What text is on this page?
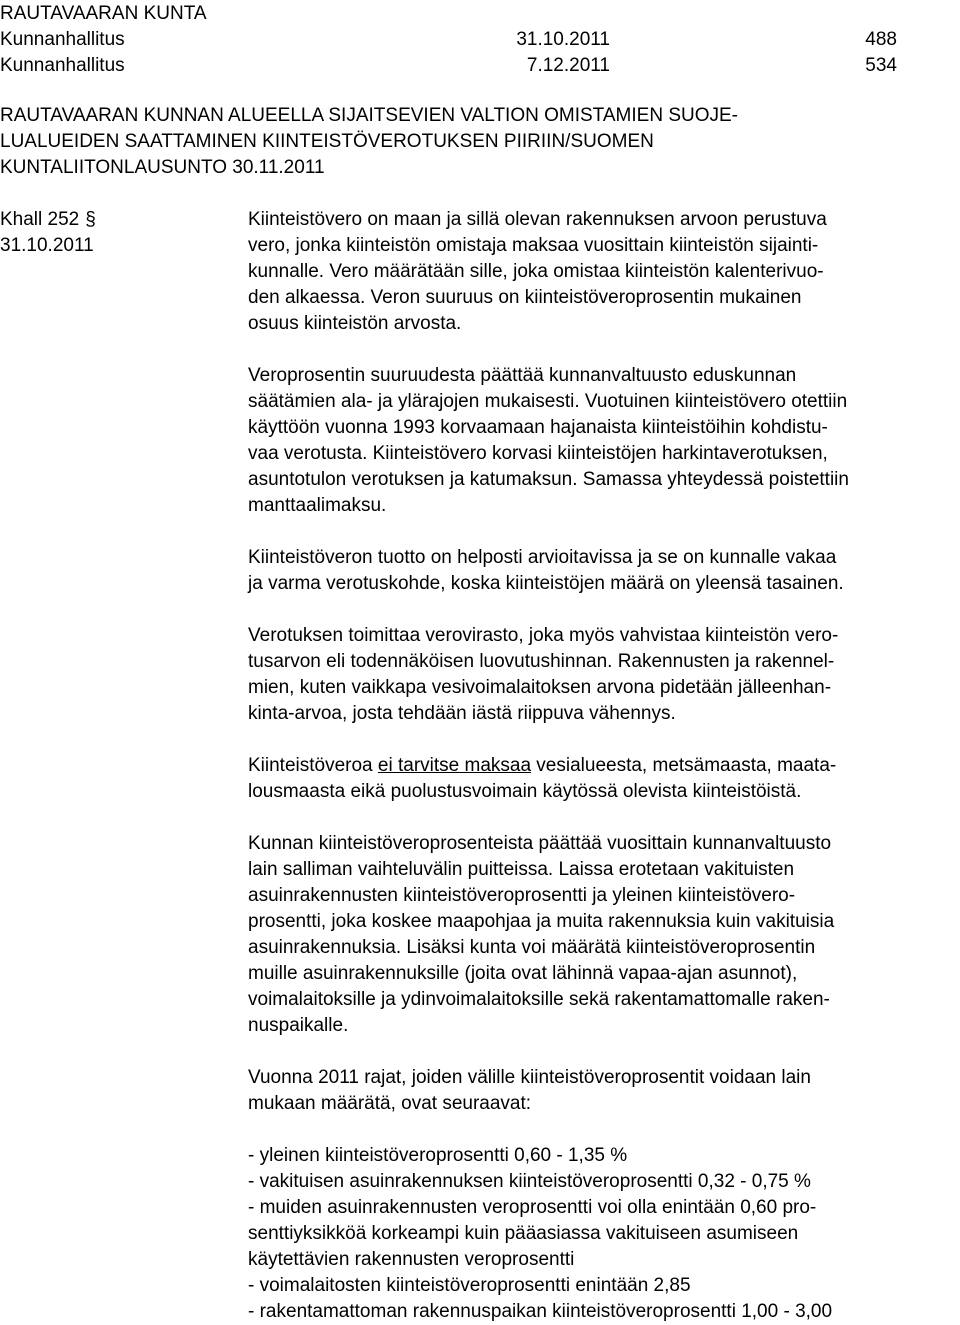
RAUTAVAARAN KUNTA
Kunnanhallitus	31.10.2011	488
Kunnanhallitus	7.12.2011	534
RAUTAVAARAN KUNNAN ALUEELLA SIJAITSEVIEN VALTION OMISTAMIEN SUOJE-
LUALUEIDEN SAATTAMINEN KIINTEISTÖVEROTUKSEN PIIRIIN/SUOMEN
KUNTALIITONLAUSUNTO 30.11.2011
Khall 252 §
31.10.2011

Kiinteistövero on maan ja sillä olevan rakennuksen arvoon perustuva
vero, jonka kiinteistön omistaja maksaa vuosittain kiinteistön sijainti-
kunnalle. Vero määrätään sille, joka omistaa kiinteistön kalenterivuo-
den alkaessa. Veron suuruus on kiinteistöveroprosentin mukainen
osuus kiinteistön arvosta.

Veroprosentin suuruudesta päättää kunnanvaltuusto eduskunnan
säätämien ala- ja ylärajojen mukaisesti. Vuotuinen kiinteistövero otettiin
käyttöön vuonna 1993 korvaamaan hajanaista kiinteistöihin kohdistu-
vaa verotusta. Kiinteistövero korvasi kiinteistöjen harkintaverotuksen,
asuntotulon verotuksen ja katumaksun. Samassa yhteydessä poistettiin
manttaalimaksu.

Kiinteistöveron tuotto on helposti arvioitavissa ja se on kunnalle vakaa
ja varma verotuskohde, koska kiinteistöjen määrä on yleensä tasainen.

Verotuksen toimittaa verovirasto, joka myös vahvistaa kiinteistön vero-
tusarvon eli todennäköisen luovutushinnan. Rakennusten ja rakennel-
mien, kuten vaikkapa vesivoimalaitoksen arvona pidetään jälleenhan-
kinta-arvoa, josta tehdään iästä riippuva vähennys.

Kiinteistöveroa ei tarvitse maksaa vesialueesta, metsämaasta, maata-
lousmaasta eikä puolustusvoimain käytössä olevista kiinteistöistä.

Kunnan kiinteistöveroprosenteista päättää vuosittain kunnanvaltuusto
lain salliman vaihteluvälin puitteissa. Laissa erotetaan vakituisten
asuinrakennusten kiinteistöveroprosentti ja yleinen kiinteistövero-
prosentti, joka koskee maapohjaa ja muita rakennuksia kuin vakituisia
asuinrakennuksia. Lisäksi kunta voi määrätä kiinteistöveroprosentin
muille asuinrakennuksille (joita ovat lähinnä vapaa-ajan asunnot),
voimalaitoksille ja ydinvoimalaitoksille sekä rakentamattomalle raken-
nuspaikalle.

Vuonna 2011 rajat, joiden välille kiinteistöveroprosentit voidaan lain
mukaan määrätä, ovat seuraavat:

- yleinen kiinteistöveroprosentti 0,60 - 1,35 %
- vakituisen asuinrakennuksen kiinteistöveroprosentti 0,32 - 0,75 %
- muiden asuinrakennusten veroprosentti voi olla enintään 0,60 pro-
senttiyksikköä korkeampi kuin pääasiassa vakituiseen asumiseen
käytettävien rakennusten veroprosentti
- voimalaitosten kiinteistöveroprosentti enintään 2,85
- rakentamattoman rakennuspaikan kiinteistöveroprosentti 1,00 - 3,00
